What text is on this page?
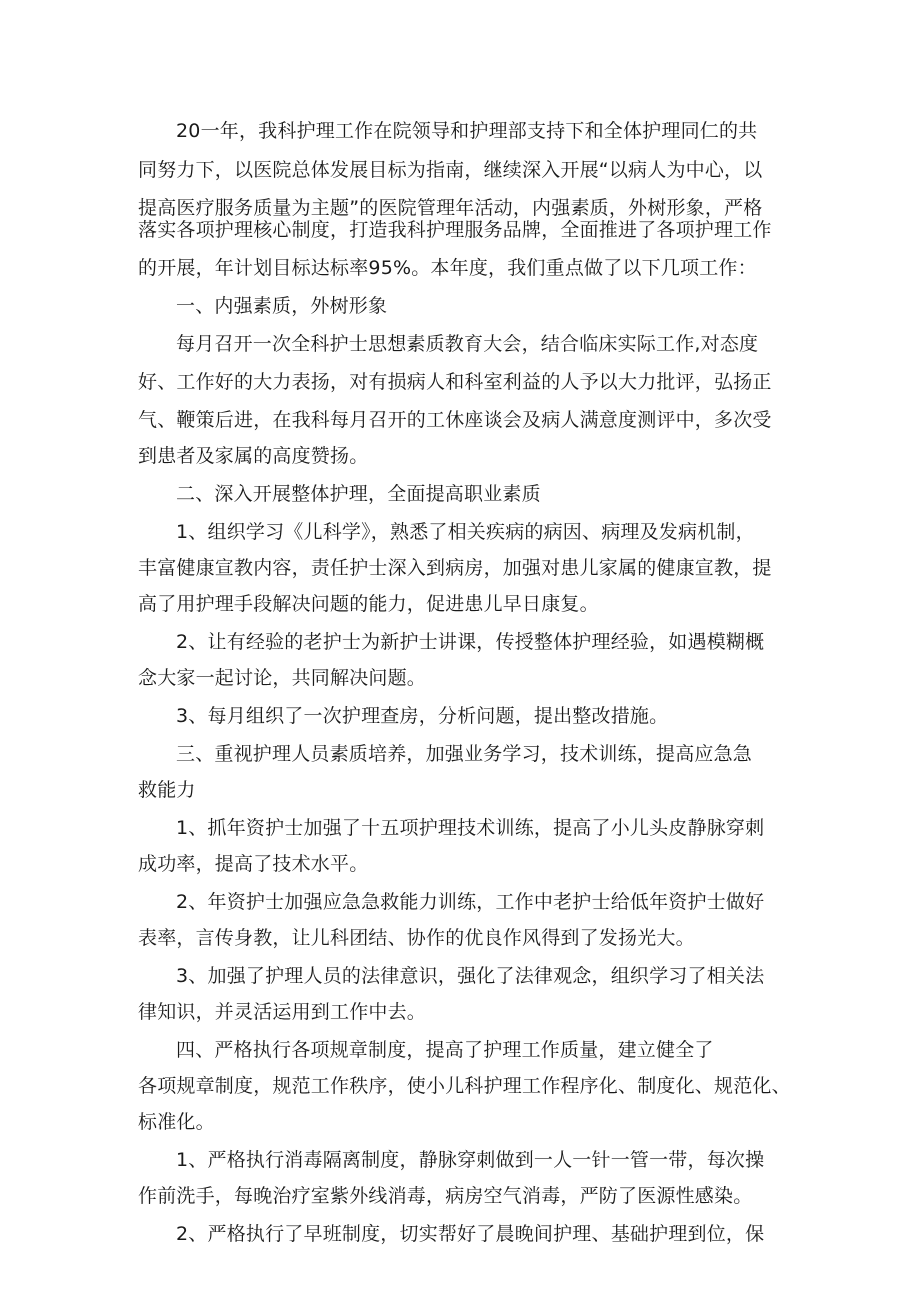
20一年，我科护理工作在院领导和护理部支持下和全体护理同仁的共
同努力下，以医院总体发展目标为指南，继续深入开展“以病人为中心，以
提高医疗服务质量为主题”的医院管理年活动，内强素质，外树形象，严格
落实各项护理核心制度，打造我科护理服务品牌，全面推进了各项护理工作
的开展，年计划目标达标率95%。本年度，我们重点做了以下几项工作：
一、内强素质，外树形象
每月召开一次全科护士思想素质教育大会，结合临床实际工作,对态度
好、工作好的大力表扬，对有损病人和科室利益的人予以大力批评，弘扬正
气、鞭策后进，在我科每月召开的工休座谈会及病人满意度测评中，多次受
到患者及家属的高度赞扬。
二、深入开展整体护理，全面提高职业素质
1、组织学习《儿科学》，熟悉了相关疾病的病因、病理及发病机制，
丰富健康宣教内容，责任护士深入到病房，加强对患儿家属的健康宣教，提
高了用护理手段解决问题的能力，促进患儿早日康复。
2、让有经验的老护士为新护士讲课，传授整体护理经验，如遇模糊概
念大家一起讨论，共同解决问题。
3、每月组织了一次护理查房，分析问题，提出整改措施。
三、重视护理人员素质培养，加强业务学习，技术训练，提高应急急
救能力
1、抓年资护士加强了十五项护理技术训练，提高了小儿头皮静脉穿刺
成功率，提高了技术水平。
2、年资护士加强应急急救能力训练，工作中老护士给低年资护士做好
表率，言传身教，让儿科团结、协作的优良作风得到了发扬光大。
3、加强了护理人员的法律意识，强化了法律观念，组织学习了相关法
律知识，并灵活运用到工作中去。
四、严格执行各项规章制度，提高了护理工作质量，建立健全了
各项规章制度，规范工作秩序，使小儿科护理工作程序化、制度化、规范化、
标准化。
1、严格执行消毒隔离制度，静脉穿刺做到一人一针一管一带，每次操
作前洗手，每晚治疗室紫外线消毒，病房空气消毒，严防了医源性感染。
2、严格执行了早班制度，切实帮好了晨晚间护理、基础护理到位，保
